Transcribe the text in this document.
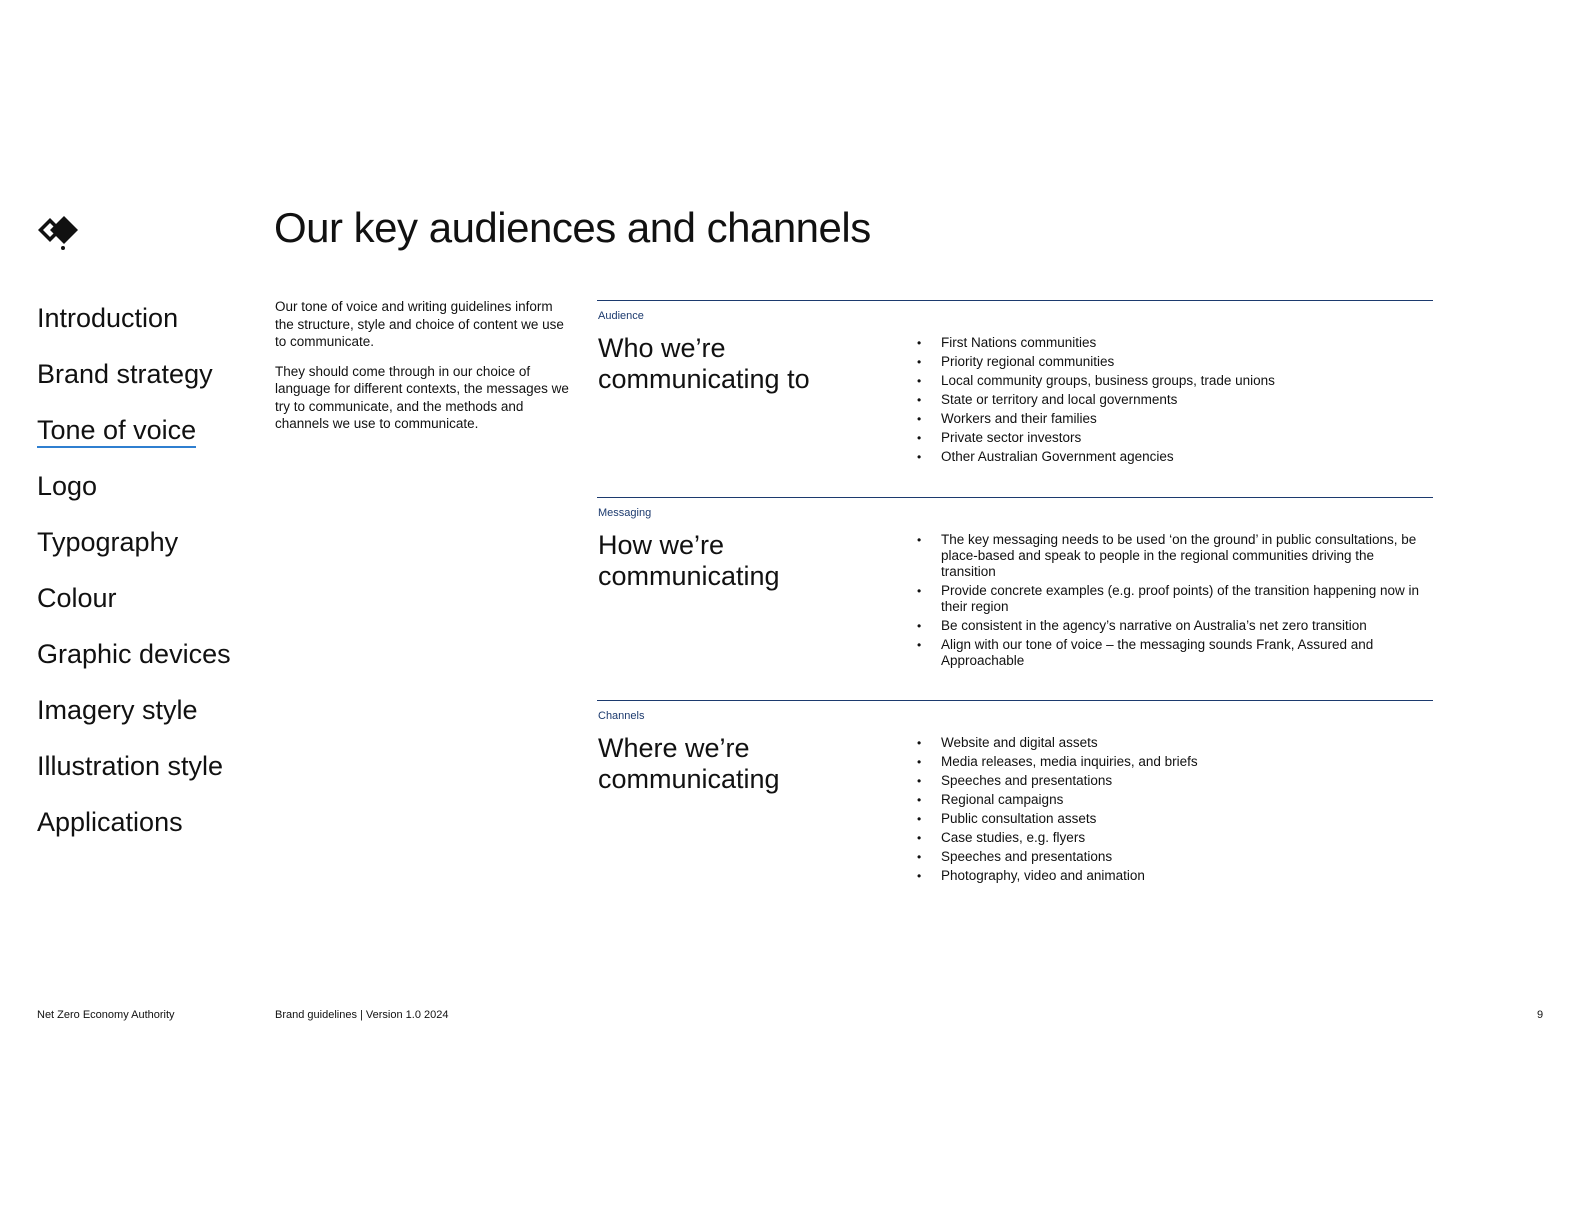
Our key audiences and channels
Introduction
Brand strategy
Tone of voice
Logo
Typography
Colour
Graphic devices
Imagery style
Illustration style
Applications

Our tone of voice and writing guidelines inform the structure, style and choice of content we use to communicate.

They should come through in our choice of language for different contexts, the messages we try to communicate, and the methods and channels we use to communicate.

Audience
Who we’re communicating to
• First Nations communities
• Priority regional communities
• Local community groups, business groups, trade unions
• State or territory and local governments
• Workers and their families
• Private sector investors
• Other Australian Government agencies
Messaging
How we’re communicating
• The key messaging needs to be used ‘on the ground’ in public consultations, be place-based and speak to people in the regional communities driving the transition
• Provide concrete examples (e.g. proof points) of the transition happening now in their region
• Be consistent in the agency’s narrative on Australia’s net zero transition
• Align with our tone of voice – the messaging sounds Frank, Assured and Approachable
Channels
Where we’re communicating
• Website and digital assets
• Media releases, media inquiries, and briefs
• Speeches and presentations
• Regional campaigns
• Public consultation assets
• Case studies, e.g. flyers
• Speeches and presentations
• Photography, video and animation
Net Zero Economy Authority	Brand guidelines | Version 1.0 2024	9
